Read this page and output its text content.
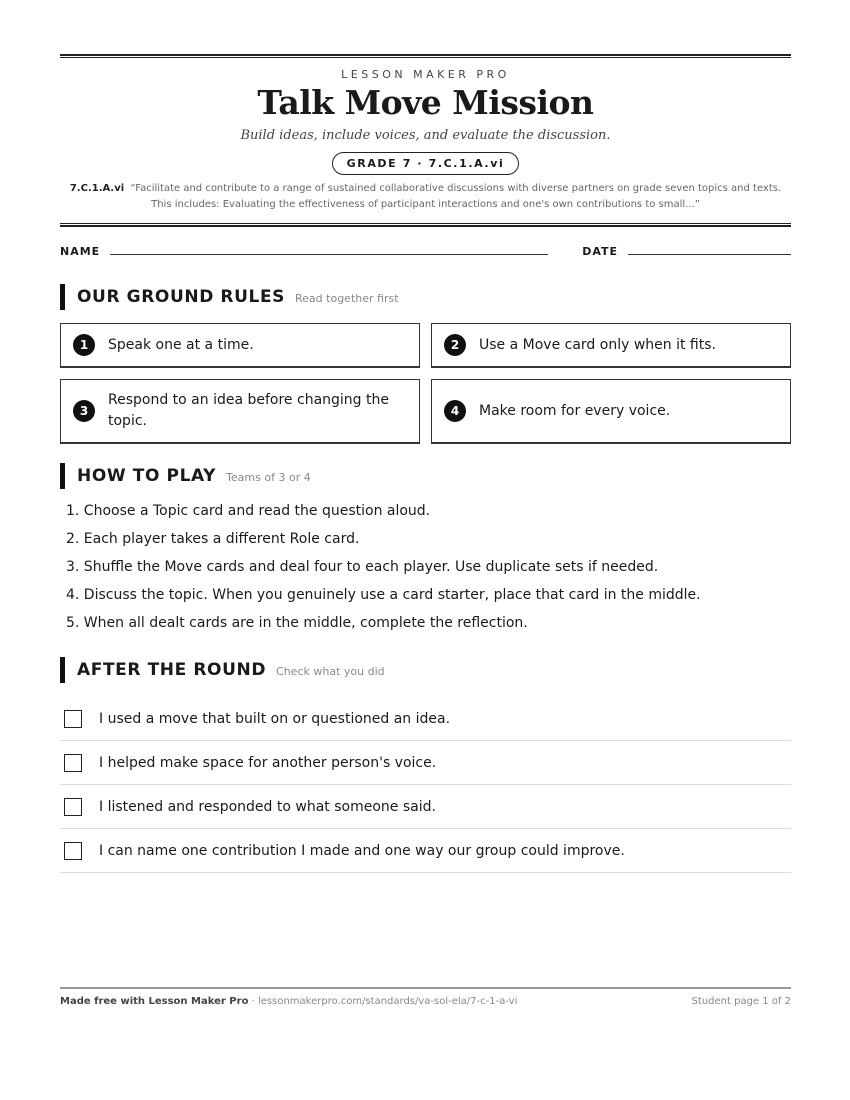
LESSON MAKER PRO
Talk Move Mission
Build ideas, include voices, and evaluate the discussion.
GRADE 7 · 7.C.1.A.vi
7.C.1.A.vi “Facilitate and contribute to a range of sustained collaborative discussions with diverse partners on grade seven topics and texts. This includes: Evaluating the effectiveness of participant interactions and one's own contributions to small...”
NAME	DATE
OUR GROUND RULES Read together first
1	Speak one at a time.	2	Use a Move card only when it fits.
3
Respond to an idea before changing the topic.
4	Make room for every voice.
HOW TO PLAY Teams of 3 or 4
1. Choose a Topic card and read the question aloud.
2. Each player takes a different Role card.
3. Shuffle the Move cards and deal four to each player. Use duplicate sets if needed.
4. Discuss the topic. When you genuinely use a card starter, place that card in the middle.
5. When all dealt cards are in the middle, complete the reflection.
AFTER THE ROUND Check what you did
I used a move that built on or questioned an idea.
I helped make space for another person's voice.
I listened and responded to what someone said.
I can name one contribution I made and one way our group could improve.
Made free with Lesson Maker Pro · lessonmakerpro.com/standards/va-sol-ela/7-c-1-a-vi	Student page 1 of 2
